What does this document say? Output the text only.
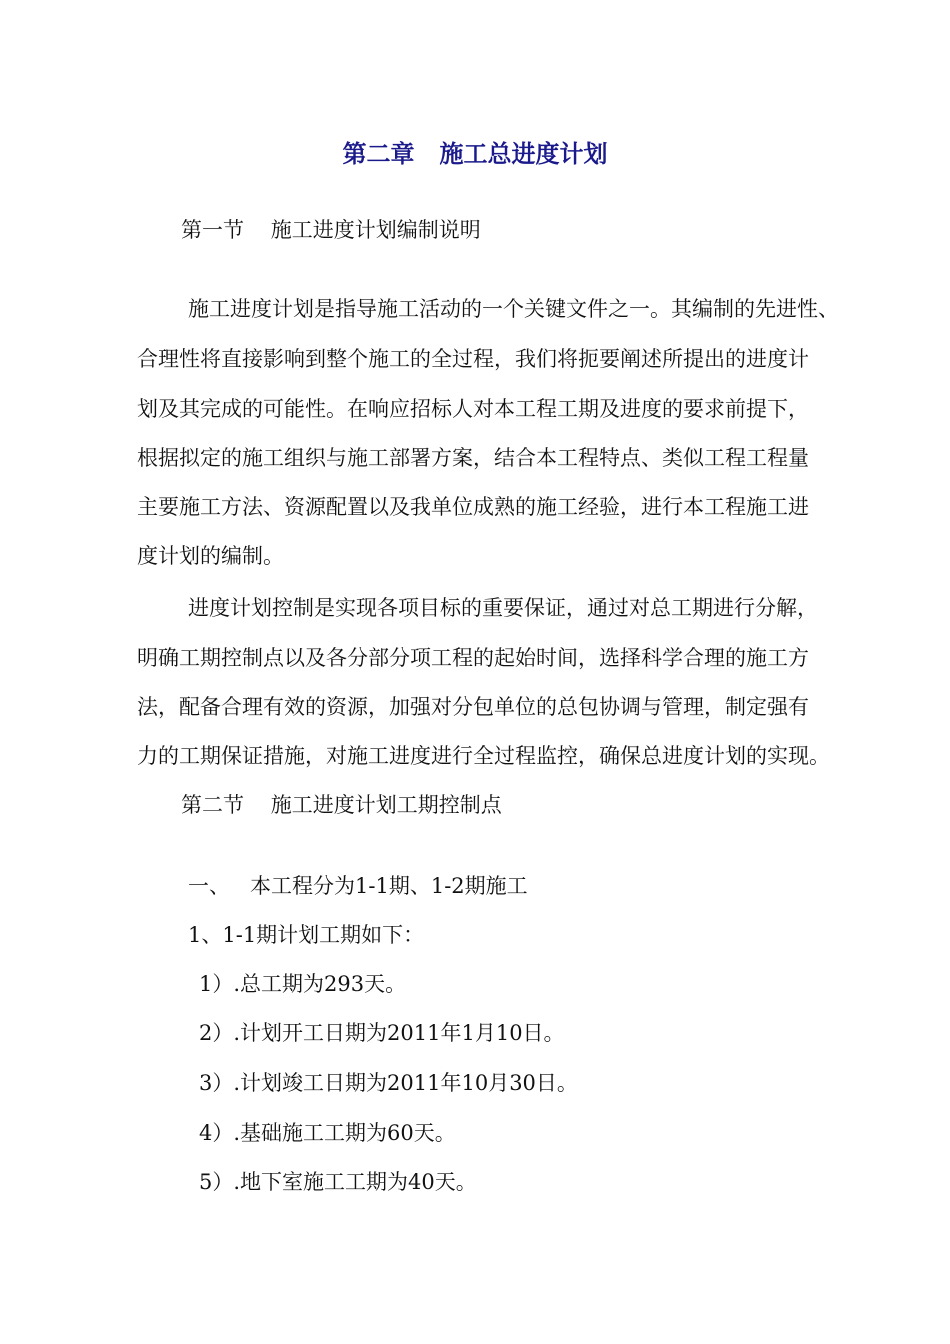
第二章   施工总进度计划
第一节    施工进度计划编制说明
施工进度计划是指导施工活动的一个关键文件之一。其编制的先进性、
合理性将直接影响到整个施工的全过程，我们将扼要阐述所提出的进度计
划及其完成的可能性。在响应招标人对本工程工期及进度的要求前提下，
根据拟定的施工组织与施工部署方案，结合本工程特点、类似工程工程量
主要施工方法、资源配置以及我单位成熟的施工经验，进行本工程施工进
度计划的编制。
进度计划控制是实现各项目标的重要保证，通过对总工期进行分解，
明确工期控制点以及各分部分项工程的起始时间，选择科学合理的施工方
法，配备合理有效的资源，加强对分包单位的总包协调与管理，制定强有
力的工期保证措施，对施工进度进行全过程监控，确保总进度计划的实现。
第二节    施工进度计划工期控制点
一、   本工程分为1-1期、1-2期施工
1、1-1期计划工期如下：
1）.总工期为293天。
2）.计划开工日期为2011年1月10日。
3）.计划竣工日期为2011年10月30日。
4）.基础施工工期为60天。
5）.地下室施工工期为40天。
